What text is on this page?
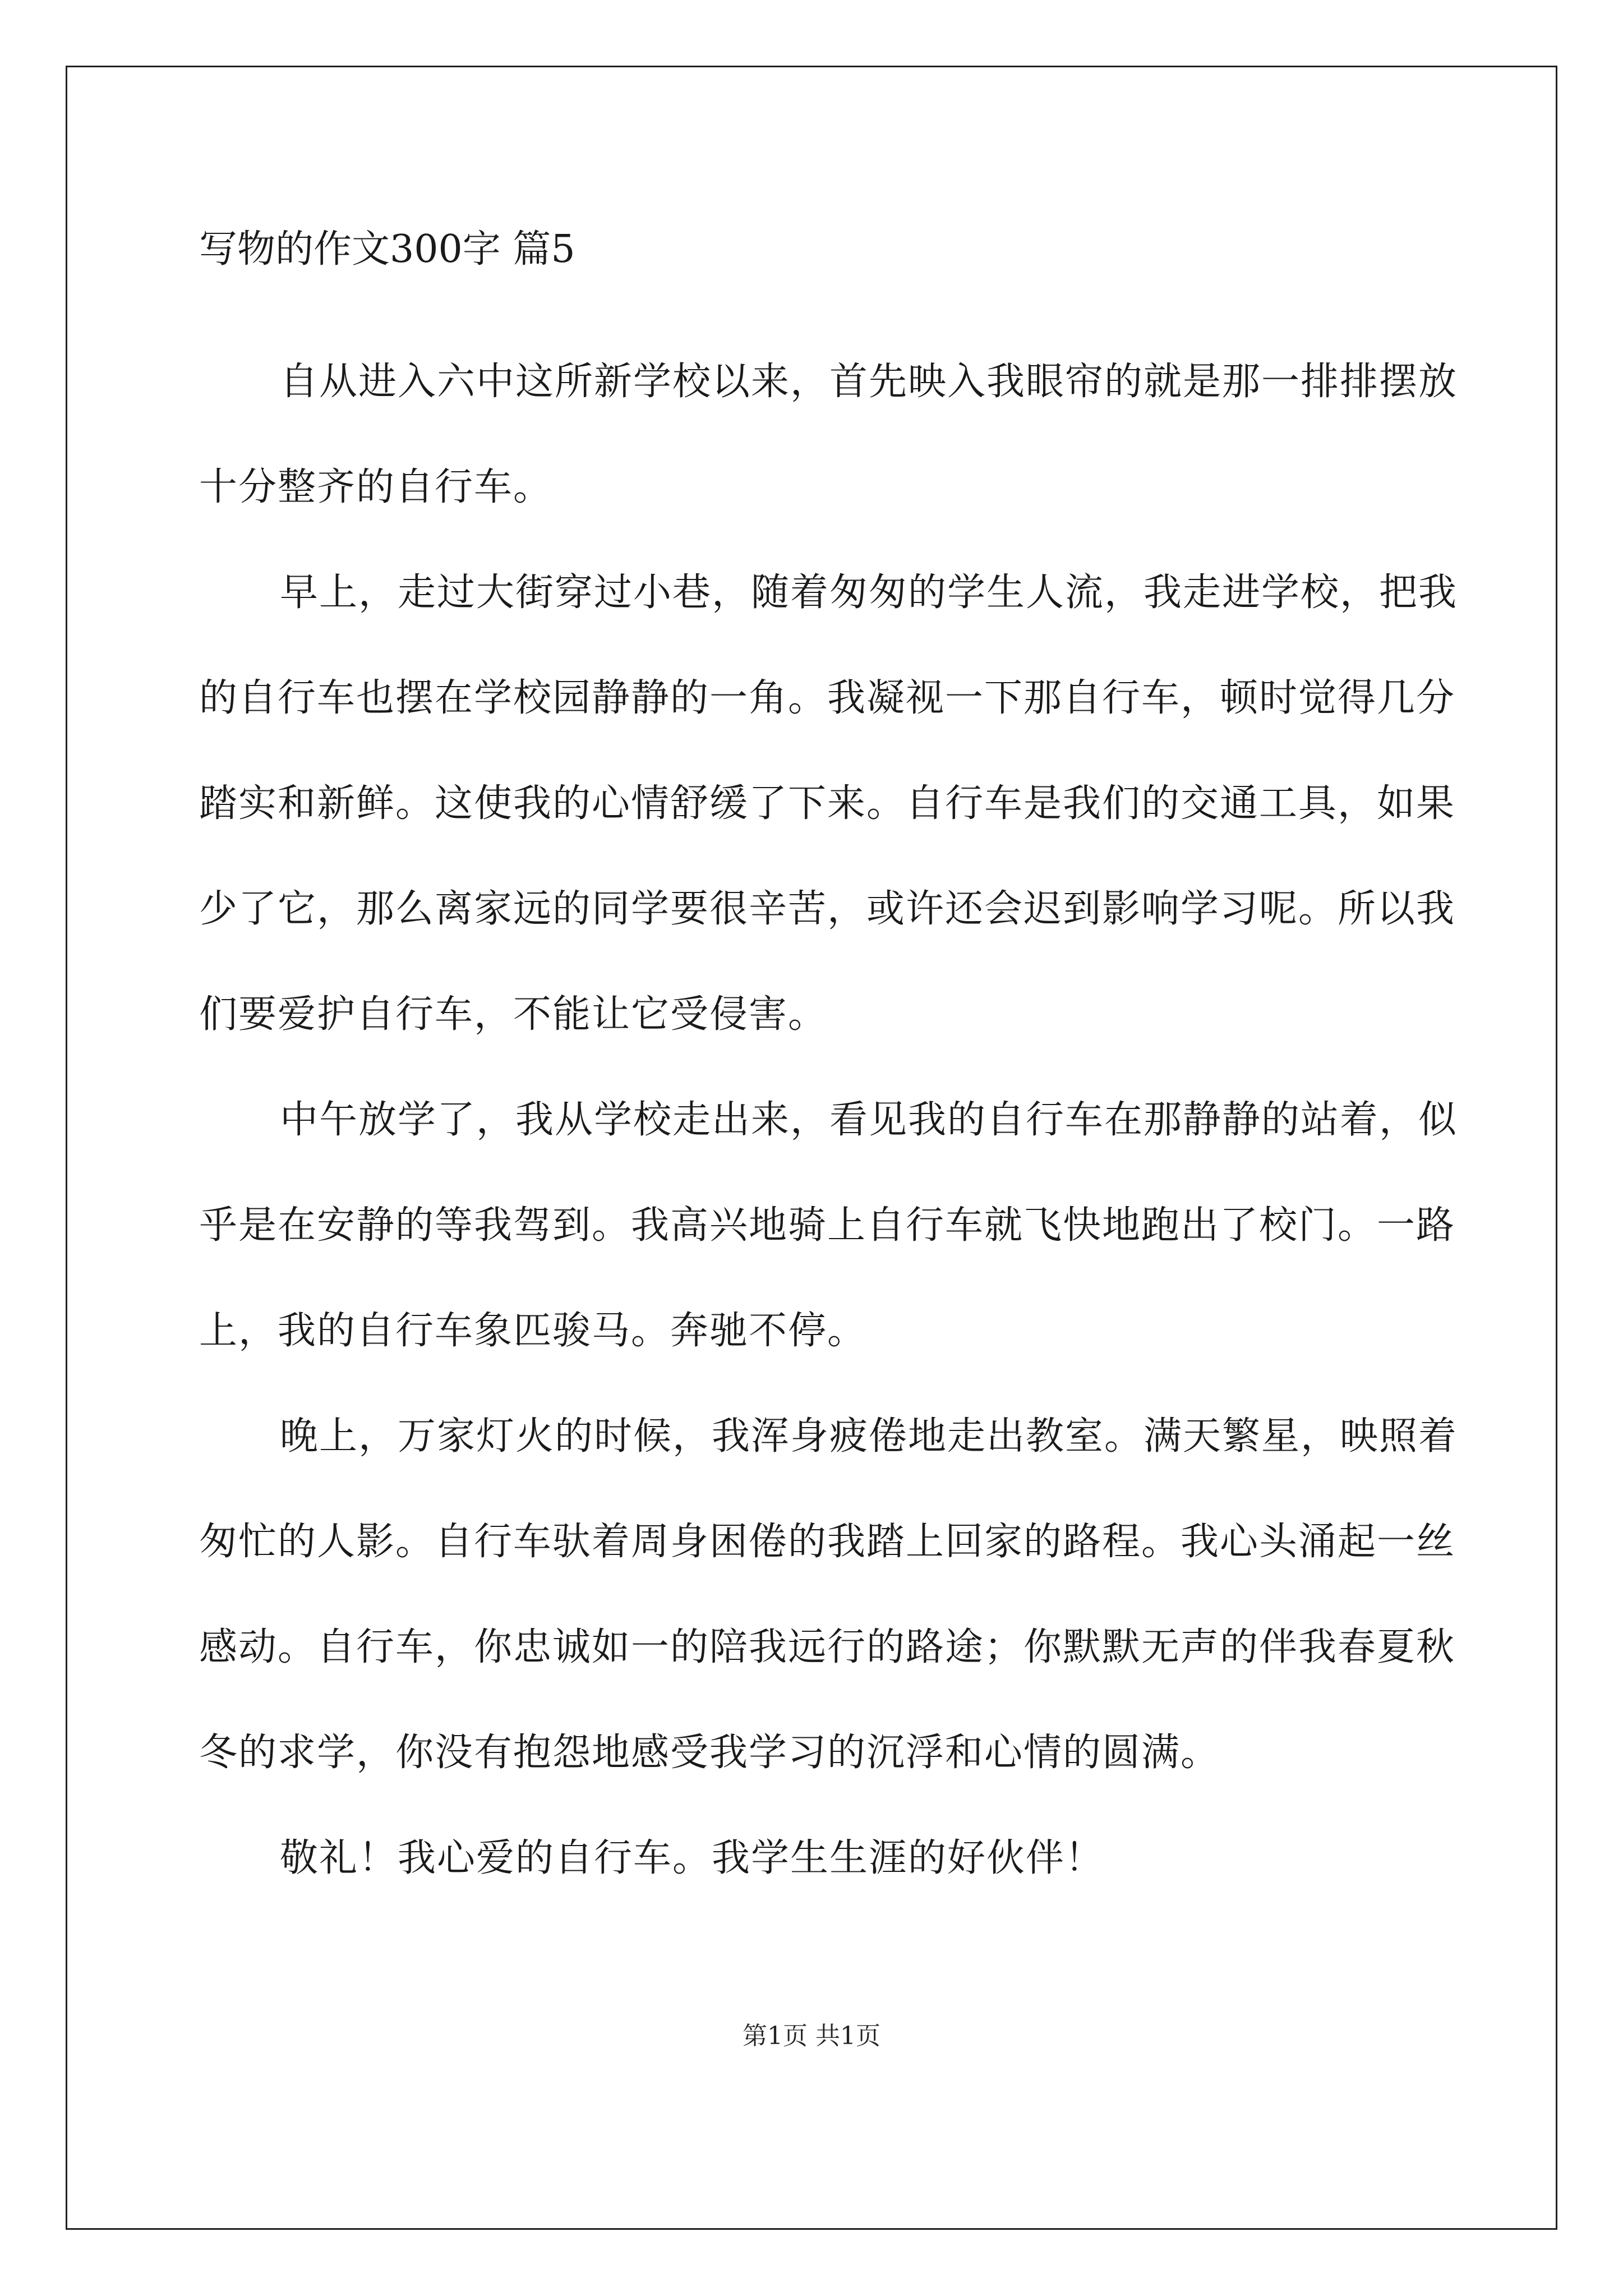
写物的作文300字 篇5

自从进入六中这所新学校以来，首先映入我眼帘的就是那一排排摆放十分整齐的自行车。

早上，走过大街穿过小巷，随着匆匆的学生人流，我走进学校，把我的自行车也摆在学校园静静的一角。我凝视一下那自行车，顿时觉得几分踏实和新鲜。这使我的心情舒缓了下来。自行车是我们的交通工具，如果少了它，那么离家远的同学要很辛苦，或许还会迟到影响学习呢。所以我们要爱护自行车，不能让它受侵害。

中午放学了，我从学校走出来，看见我的自行车在那静静的站着，似乎是在安静的等我驾到。我高兴地骑上自行车就飞快地跑出了校门。一路上，我的自行车象匹骏马。奔驰不停。

晚上，万家灯火的时候，我浑身疲倦地走出教室。满天繁星，映照着匆忙的人影。自行车驮着周身困倦的我踏上回家的路程。我心头涌起一丝感动。自行车，你忠诚如一的陪我远行的路途；你默默无声的伴我春夏秋冬的求学，你没有抱怨地感受我学习的沉浮和心情的圆满。

敬礼！我心爱的自行车。我学生生涯的好伙伴！

第1页 共1页
